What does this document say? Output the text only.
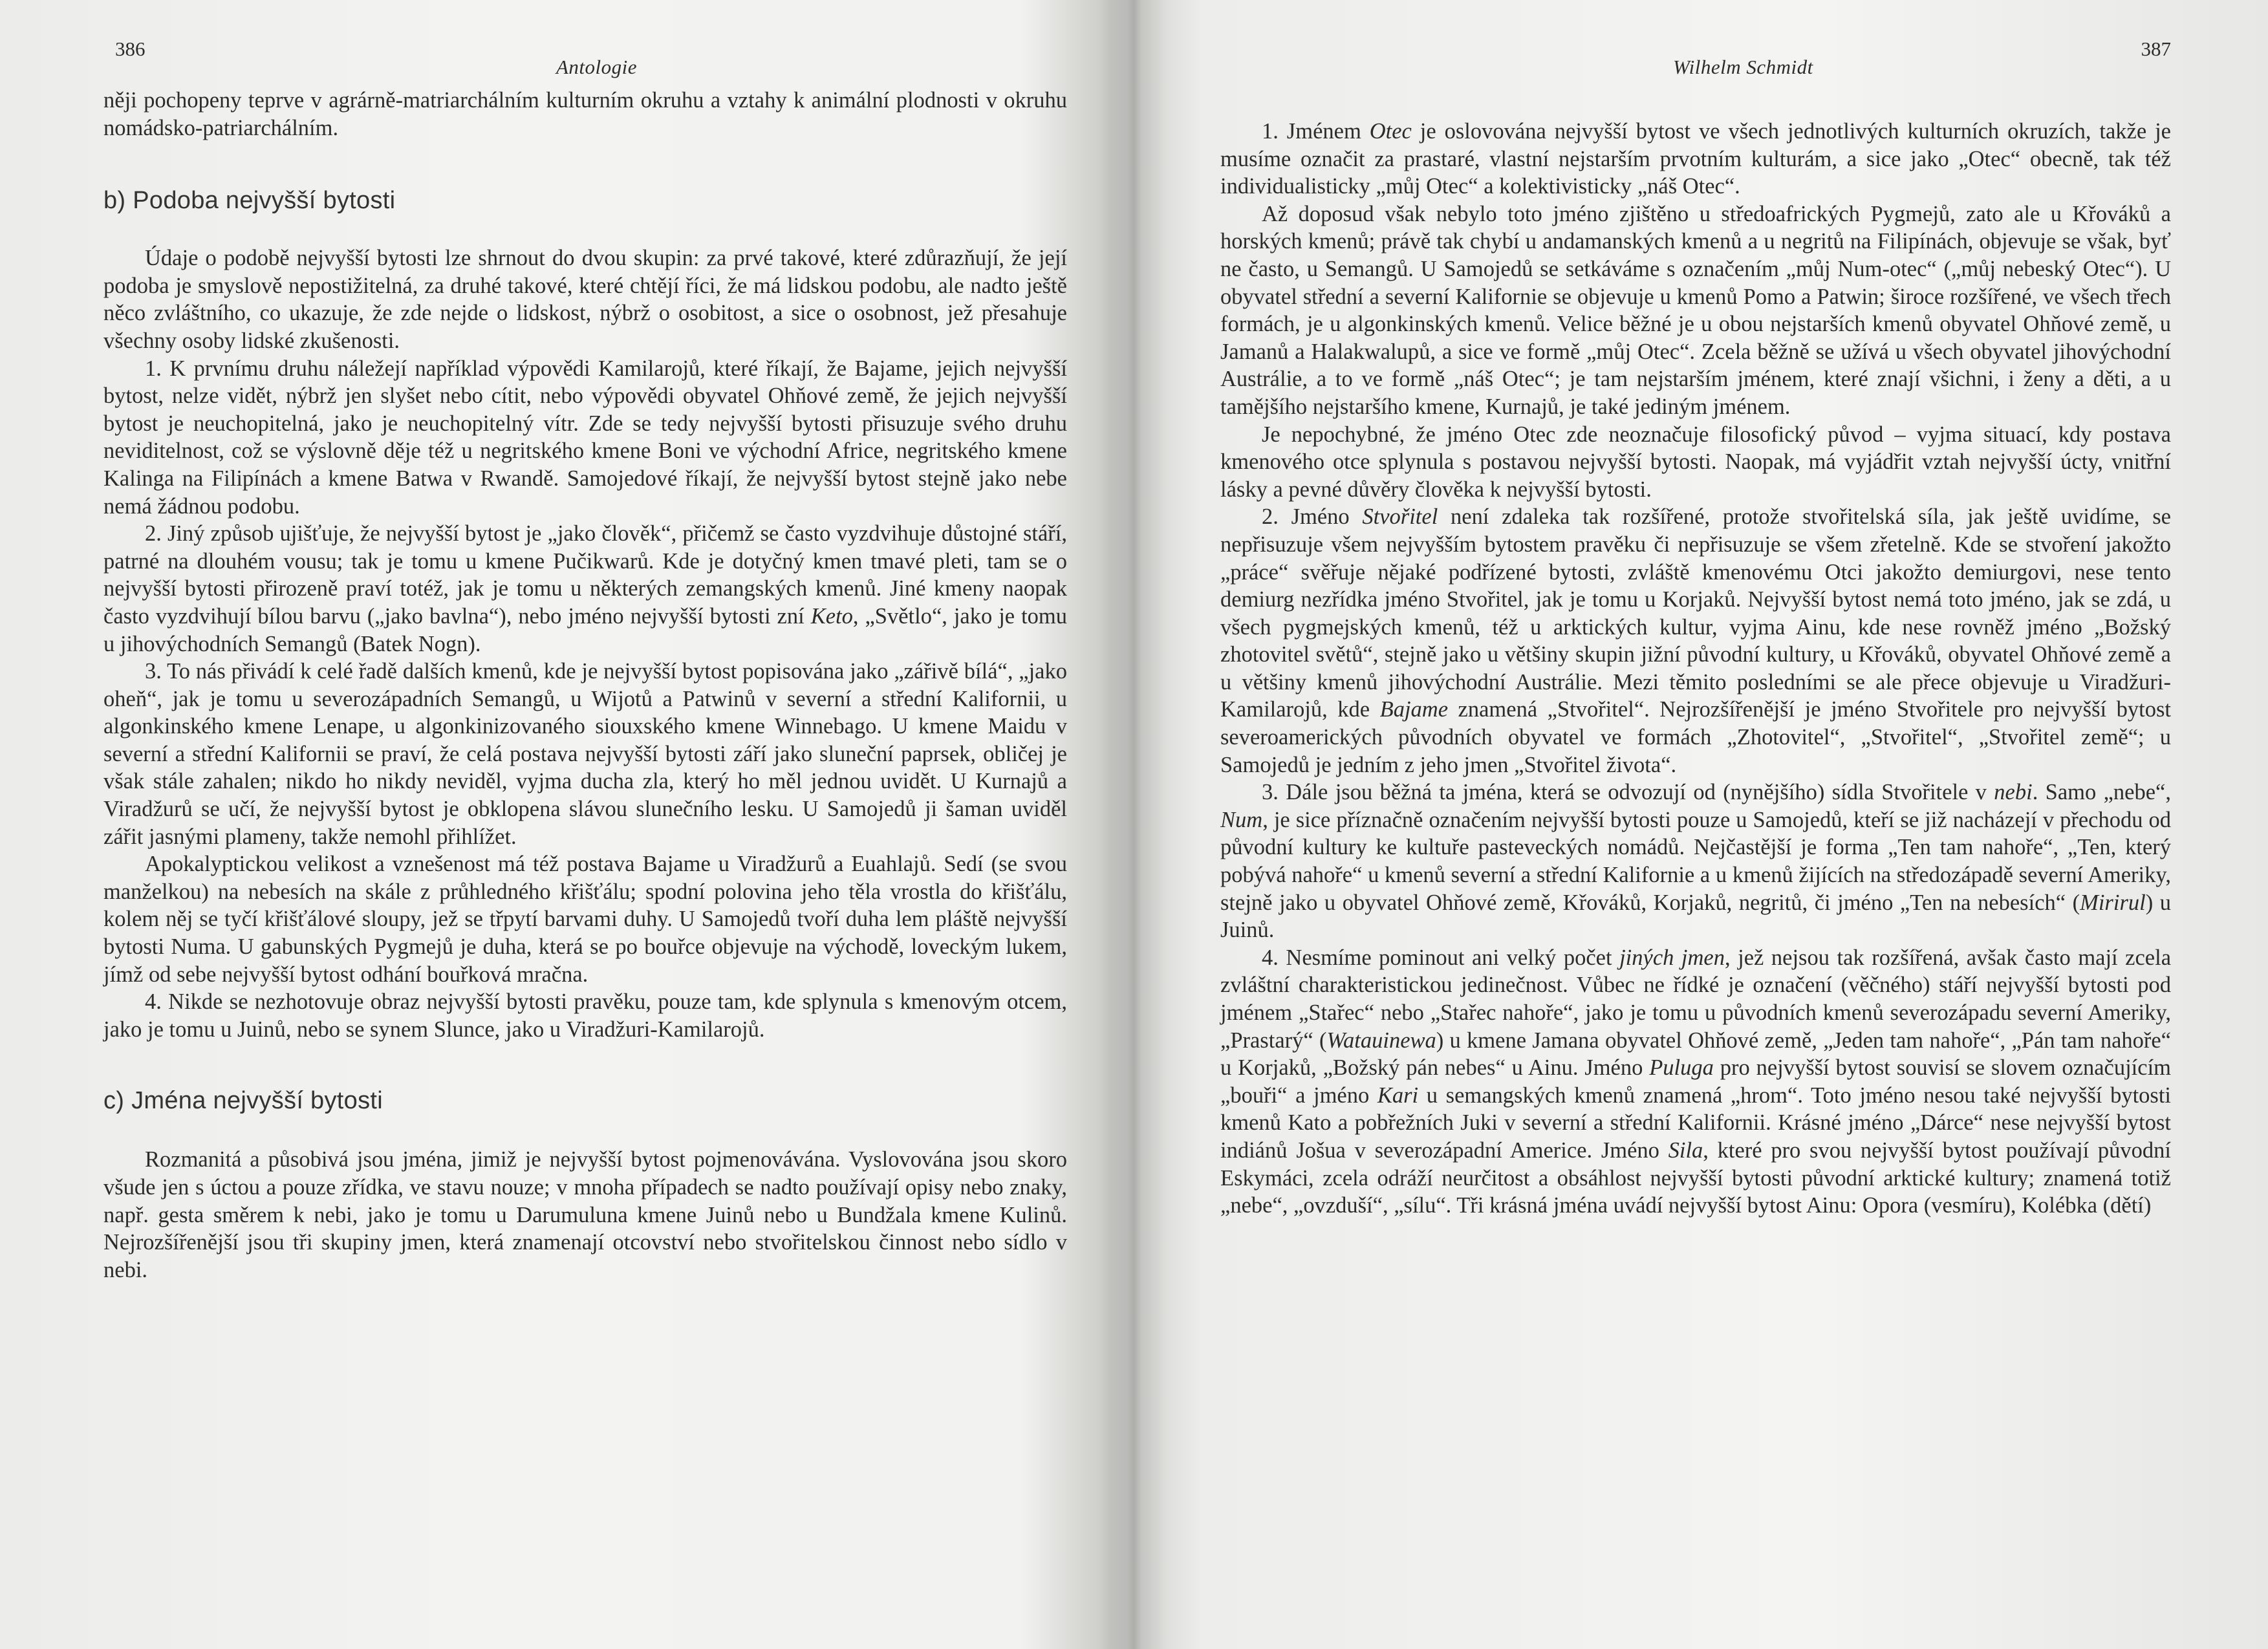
386
Antologie

něji pochopeny teprve v agrárně-matriarchálním kulturním okruhu a vztahy k animální plodnosti v okruhu nomádsko-patriarchálním.

b) Podoba nejvyšší bytosti

Údaje o podobě nejvyšší bytosti lze shrnout do dvou skupin: za prvé takové, které zdůrazňují, že její podoba je smyslově nepostižitelná, za druhé takové, které chtějí říci, že má lidskou podobu, ale nadto ještě něco zvláštního, co ukazuje, že zde nejde o lidskost, nýbrž o osobitost, a sice o osobnost, jež přesahuje všechny osoby lidské zkušenosti.

1. K prvnímu druhu náležejí například výpovědi Kamilarojů, které říkají, že Bajame, jejich nejvyšší bytost, nelze vidět, nýbrž jen slyšet nebo cítit, nebo výpovědi obyvatel Ohňové země, že jejich nejvyšší bytost je neuchopitelná, jako je neuchopitelný vítr. Zde se tedy nejvyšší bytosti přisuzuje svého druhu neviditelnost, což se výslovně děje též u negritského kmene Boni ve východní Africe, negritského kmene Kalinga na Filipínách a kmene Batwa v Rwandě. Samojedové říkají, že nejvyšší bytost stejně jako nebe nemá žádnou podobu.

2. Jiný způsob ujišťuje, že nejvyšší bytost je „jako člověk“, přičemž se často vyzdvihuje důstojné stáří, patrné na dlouhém vousu; tak je tomu u kmene Pučikwarů. Kde je dotyčný kmen tmavé pleti, tam se o nejvyšší bytosti přirozeně praví totéž, jak je tomu u některých zemangských kmenů. Jiné kmeny naopak často vyzdvihují bílou barvu („jako bavlna“), nebo jméno nejvyšší bytosti zní Keto, „Světlo“, jako je tomu u jihovýchodních Semangů (Batek Nogn).

3. To nás přivádí k celé řadě dalších kmenů, kde je nejvyšší bytost popisována jako „zářivě bílá“, „jako oheň“, jak je tomu u severozápadních Semangů, u Wijotů a Patwinů v severní a střední Kalifornii, u algonkinského kmene Lenape, u algonkinizovaného siouxského kmene Winnebago. U kmene Maidu v severní a střední Kalifornii se praví, že celá postava nejvyšší bytosti září jako sluneční paprsek, obličej je však stále zahalen; nikdo ho nikdy neviděl, vyjma ducha zla, který ho měl jednou uvidět. U Kurnajů a Viradžurů se učí, že nejvyšší bytost je obklopena slávou slunečního lesku. U Samojedů ji šaman uviděl zářit jasnými plameny, takže nemohl přihlížet.

Apokalyptickou velikost a vznešenost má též postava Bajame u Viradžurů a Euahlajů. Sedí (se svou manželkou) na nebesích na skále z průhledného křišťálu; spodní polovina jeho těla vrostla do křišťálu, kolem něj se tyčí křišťálové sloupy, jež se třpytí barvami duhy. U Samojedů tvoří duha lem pláště nejvyšší bytosti Numa. U gabunských Pygmejů je duha, která se po bouřce objevuje na východě, loveckým lukem, jímž od sebe nejvyšší bytost odhání bouřková mračna.

4. Nikde se nezhotovuje obraz nejvyšší bytosti pravěku, pouze tam, kde splynula s kmenovým otcem, jako je tomu u Juinů, nebo se synem Slunce, jako u Viradžuri-Kamilarojů.

c) Jména nejvyšší bytosti

Rozmanitá a působivá jsou jména, jimiž je nejvyšší bytost pojmenovávána. Vyslovována jsou skoro všude jen s úctou a pouze zřídka, ve stavu nouze; v mnoha případech se nadto používají opisy nebo znaky, např. gesta směrem k nebi, jako je tomu u Darumuluna kmene Juinů nebo u Bundžala kmene Kulinů. Nejrozšířenější jsou tři skupiny jmen, která znamenají otcovství nebo stvořitelskou činnost nebo sídlo v nebi.

Wilhelm Schmidt
387

1. Jménem Otec je oslovována nejvyšší bytost ve všech jednotlivých kulturních okruzích, takže je musíme označit za prastaré, vlastní nejstarším prvotním kulturám, a sice jako „Otec“ obecně, tak též individualisticky „můj Otec“ a kolektivisticky „náš Otec“.

Až doposud však nebylo toto jméno zjištěno u středoafrických Pygmejů, zato ale u Křováků a horských kmenů; právě tak chybí u andamanských kmenů a u negritů na Filipínách, objevuje se však, byť ne často, u Semangů. U Samojedů se setkáváme s označením „můj Num-otec“ („můj nebeský Otec“). U obyvatel střední a severní Kalifornie se objevuje u kmenů Pomo a Patwin; široce rozšířené, ve všech třech formách, je u algonkinských kmenů. Velice běžné je u obou nejstarších kmenů obyvatel Ohňové země, u Jamanů a Halakwalupů, a sice ve formě „můj Otec“. Zcela běžně se užívá u všech obyvatel jihovýchodní Austrálie, a to ve formě „náš Otec“; je tam nejstarším jménem, které znají všichni, i ženy a děti, a u tamějšího nejstaršího kmene, Kurnajů, je také jediným jménem.

Je nepochybné, že jméno Otec zde neoznačuje filosofický původ – vyjma situací, kdy postava kmenového otce splynula s postavou nejvyšší bytosti. Naopak, má vyjádřit vztah nejvyšší úcty, vnitřní lásky a pevné důvěry člověka k nejvyšší bytosti.

2. Jméno Stvořitel není zdaleka tak rozšířené, protože stvořitelská síla, jak ještě uvidíme, se nepřisuzuje všem nejvyšším bytostem pravěku či nepřisuzuje se všem zřetelně. Kde se stvoření jakožto „práce“ svěřuje nějaké podřízené bytosti, zvláště kmenovému Otci jakožto demiurgovi, nese tento demiurg nezřídka jméno Stvořitel, jak je tomu u Korjaků. Nejvyšší bytost nemá toto jméno, jak se zdá, u všech pygmejských kmenů, též u arktických kultur, vyjma Ainu, kde nese rovněž jméno „Božský zhotovitel světů“, stejně jako u většiny skupin jižní původní kultury, u Křováků, obyvatel Ohňové země a u většiny kmenů jihovýchodní Austrálie. Mezi těmito posledními se ale přece objevuje u Viradžuri-Kamilarojů, kde Bajame znamená „Stvořitel“. Nejrozšířenější je jméno Stvořitele pro nejvyšší bytost severoamerických původních obyvatel ve formách „Zhotovitel“, „Stvořitel“, „Stvořitel země“; u Samojedů je jedním z jeho jmen „Stvořitel života“.

3. Dále jsou běžná ta jména, která se odvozují od (nynějšího) sídla Stvořitele v nebi. Samo „nebe“, Num, je sice příznačně označením nejvyšší bytosti pouze u Samojedů, kteří se již nacházejí v přechodu od původní kultury ke kultuře pasteveckých nomádů. Nejčastější je forma „Ten tam nahoře“, „Ten, který pobývá nahoře“ u kmenů severní a střední Kalifornie a u kmenů žijících na středozápadě severní Ameriky, stejně jako u obyvatel Ohňové země, Křováků, Korjaků, negritů, či jméno „Ten na nebesích“ (Mirirul) u Juinů.

4. Nesmíme pominout ani velký počet jiných jmen, jež nejsou tak rozšířená, avšak často mají zcela zvláštní charakteristickou jedinečnost. Vůbec ne řídké je označení (věčného) stáří nejvyšší bytosti pod jménem „Stařec“ nebo „Stařec nahoře“, jako je tomu u původních kmenů severozápadu severní Ameriky, „Prastarý“ (Watauinewa) u kmene Jamana obyvatel Ohňové země, „Jeden tam nahoře“, „Pán tam nahoře“ u Korjaků, „Božský pán nebes“ u Ainu. Jméno Puluga pro nejvyšší bytost souvisí se slovem označujícím „bouři“ a jméno Kari u semangských kmenů znamená „hrom“. Toto jméno nesou také nejvyšší bytosti kmenů Kato a pobřežních Juki v severní a střední Kalifornii. Krásné jméno „Dárce“ nese nejvyšší bytost indiánů Jošua v severozápadní Americe. Jméno Sila, které pro svou nejvyšší bytost používají původní Eskymáci, zcela odráží neurčitost a obsáhlost nejvyšší bytosti původní arktické kultury; znamená totiž „nebe“, „ovzduší“, „sílu“. Tři krásná jména uvádí nejvyšší bytost Ainu: Opora (vesmíru), Kolébka (dětí)
